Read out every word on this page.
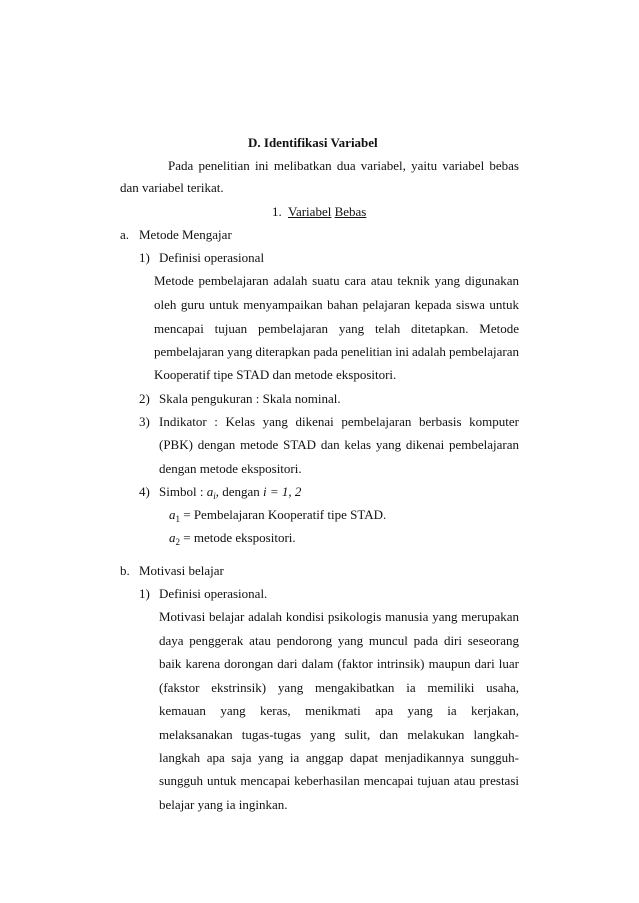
D. Identifikasi Variabel
Pada penelitian ini melibatkan dua variabel, yaitu variabel bebas
dan variabel terikat.
1. Variabel Bebas
a. Metode Mengajar
1) Definisi operasional
Metode pembelajaran adalah suatu cara atau teknik yang digunakan
oleh guru untuk menyampaikan bahan pelajaran kepada siswa untuk
mencapai tujuan pembelajaran yang telah ditetapkan. Metode
pembelajaran yang diterapkan pada penelitian ini adalah pembelajaran
Kooperatif tipe STAD dan metode ekspositori.
2) Skala pengukuran : Skala nominal.
3) Indikator : Kelas yang dikenai pembelajaran berbasis komputer
(PBK) dengan metode STAD dan kelas yang dikenai pembelajaran
dengan metode ekspositori.
4) Simbol : $a_i$, dengan i = 1, 2
$a_1$ = Pembelajaran Kooperatif tipe STAD.
$a_2$ = metode ekspositori.
b. Motivasi belajar
1) Definisi operasional.
Motivasi belajar adalah kondisi psikologis manusia yang merupakan
daya penggerak atau pendorong yang muncul pada diri seseorang
baik karena dorongan dari dalam (faktor intrinsik) maupun dari luar
(fakstor ekstrinsik) yang mengakibatkan ia memiliki usaha,
kemauan yang keras, menikmati apa yang ia kerjakan,
melaksanakan tugas-tugas yang sulit, dan melakukan langkah-
langkah apa saja yang ia anggap dapat menjadikannya sungguh-
sungguh untuk mencapai keberhasilan mencapai tujuan atau prestasi
belajar yang ia inginkan.
